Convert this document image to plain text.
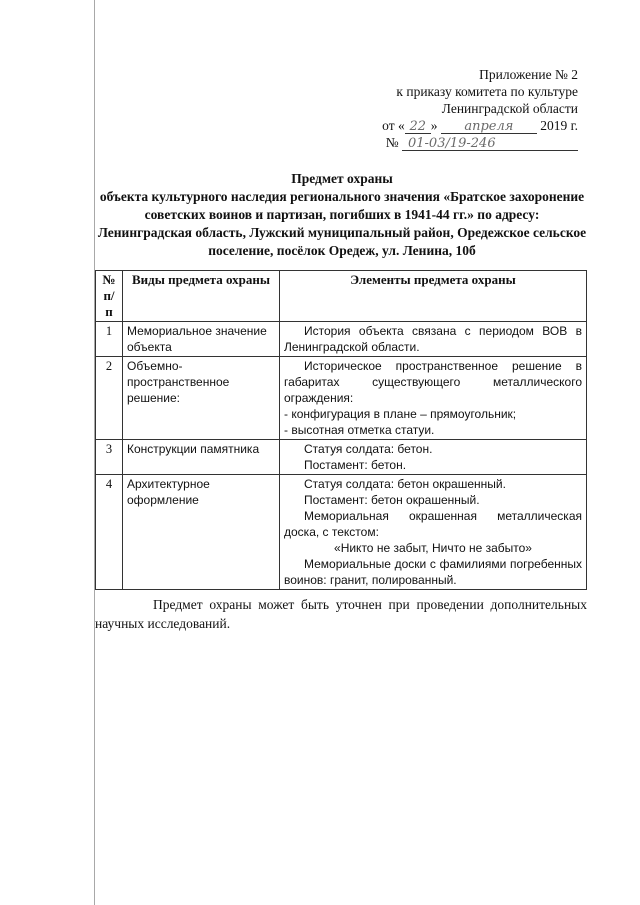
Приложение № 2
к приказу комитета по культуре
Ленинградской области
от « 22 » апреля 2019 г.
№ 01-03/19-246
Предмет охраны
объекта культурного наследия регионального значения «Братское захоронение
советских воинов и партизан, погибших в 1941-44 гг.» по адресу:
Ленинградская область, Лужский муниципальный район, Оредежское сельское
поселение, посёлок Оредеж, ул. Ленина, 10б
№ п/п	Виды предмета охраны	Элементы предмета охраны
1	Мемориальное значение объекта	История объекта связана с периодом ВОВ в Ленинградской области.

2	Объемно-пространственное решение:	Историческое пространственное решение в габаритах существующего металлического ограждения:
- конфигурация в плане – прямоугольник;
- высотная отметка статуи.

3	Конструкции памятника	Статуя солдата: бетон.
Постамент: бетон.

4	Архитектурное оформление	Статуя солдата: бетон окрашенный.
Постамент: бетон окрашенный.
Мемориальная окрашенная металлическая доска, с текстом:
«Никто не забыт, Ничто не забыто»
Мемориальные доски с фамилиями погребенных воинов: гранит, полированный.
Предмет охраны может быть уточнен при проведении дополнительных научных исследований.
